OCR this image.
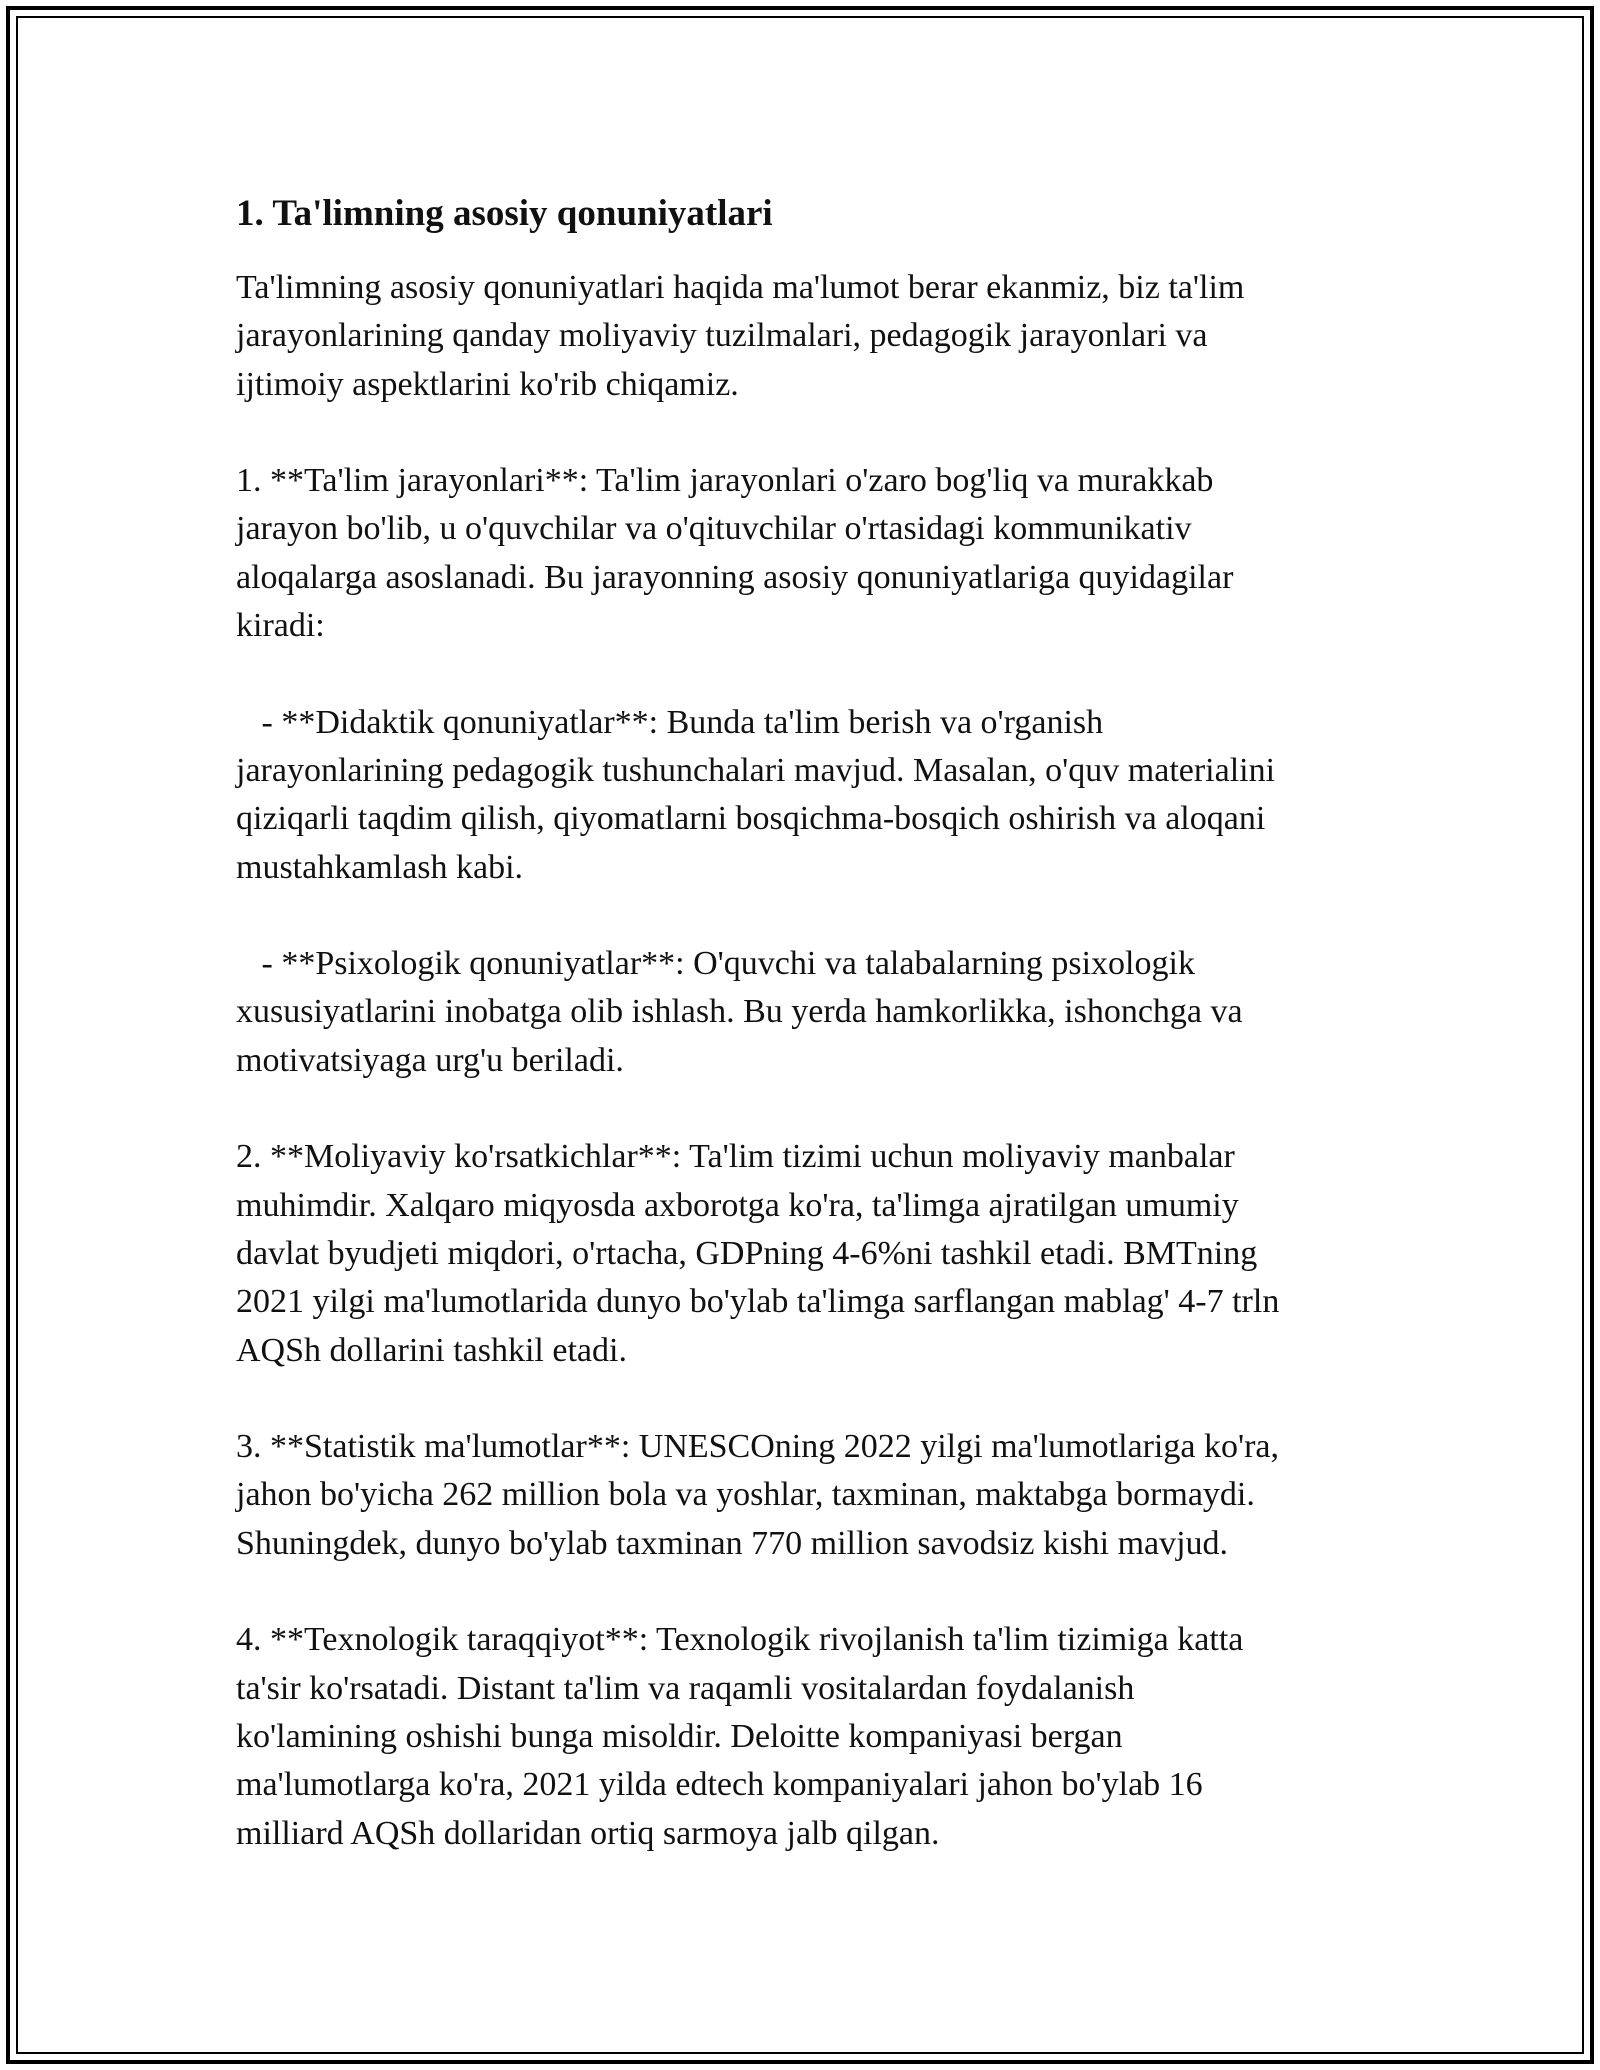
1. Ta'limning asosiy qonuniyatlari

Ta'limning asosiy qonuniyatlari haqida ma'lumot berar ekanmiz, biz ta'lim
jarayonlarining qanday moliyaviy tuzilmalari, pedagogik jarayonlari va
ijtimoiy aspektlarini ko'rib chiqamiz.

1. **Ta'lim jarayonlari**: Ta'lim jarayonlari o'zaro bog'liq va murakkab
jarayon bo'lib, u o'quvchilar va o'qituvchilar o'rtasidagi kommunikativ
aloqalarga asoslanadi. Bu jarayonning asosiy qonuniyatlariga quyidagilar
kiradi:

- **Didaktik qonuniyatlar**: Bunda ta'lim berish va o'rganish
jarayonlarining pedagogik tushunchalari mavjud. Masalan, o'quv materialini
qiziqarli taqdim qilish, qiyomatlarni bosqichma-bosqich oshirish va aloqani
mustahkamlash kabi.

- **Psixologik qonuniyatlar**: O'quvchi va talabalarning psixologik
xususiyatlarini inobatga olib ishlash. Bu yerda hamkorlikka, ishonchga va
motivatsiyaga urg'u beriladi.

2. **Moliyaviy ko'rsatkichlar**: Ta'lim tizimi uchun moliyaviy manbalar
muhimdir. Xalqaro miqyosda axborotga ko'ra, ta'limga ajratilgan umumiy
davlat byudjeti miqdori, o'rtacha, GDPning 4-6%ni tashkil etadi. BMTning
2021 yilgi ma'lumotlarida dunyo bo'ylab ta'limga sarflangan mablag' 4-7 trln
AQSh dollarini tashkil etadi.

3. **Statistik ma'lumotlar**: UNESCOning 2022 yilgi ma'lumotlariga ko'ra,
jahon bo'yicha 262 million bola va yoshlar, taxminan, maktabga bormaydi.
Shuningdek, dunyo bo'ylab taxminan 770 million savodsiz kishi mavjud.

4. **Texnologik taraqqiyot**: Texnologik rivojlanish ta'lim tizimiga katta
ta'sir ko'rsatadi. Distant ta'lim va raqamli vositalardan foydalanish
ko'lamining oshishi bunga misoldir. Deloitte kompaniyasi bergan
ma'lumotlarga ko'ra, 2021 yilda edtech kompaniyalari jahon bo'ylab 16
milliard AQSh dollaridan ortiq sarmoya jalb qilgan.
